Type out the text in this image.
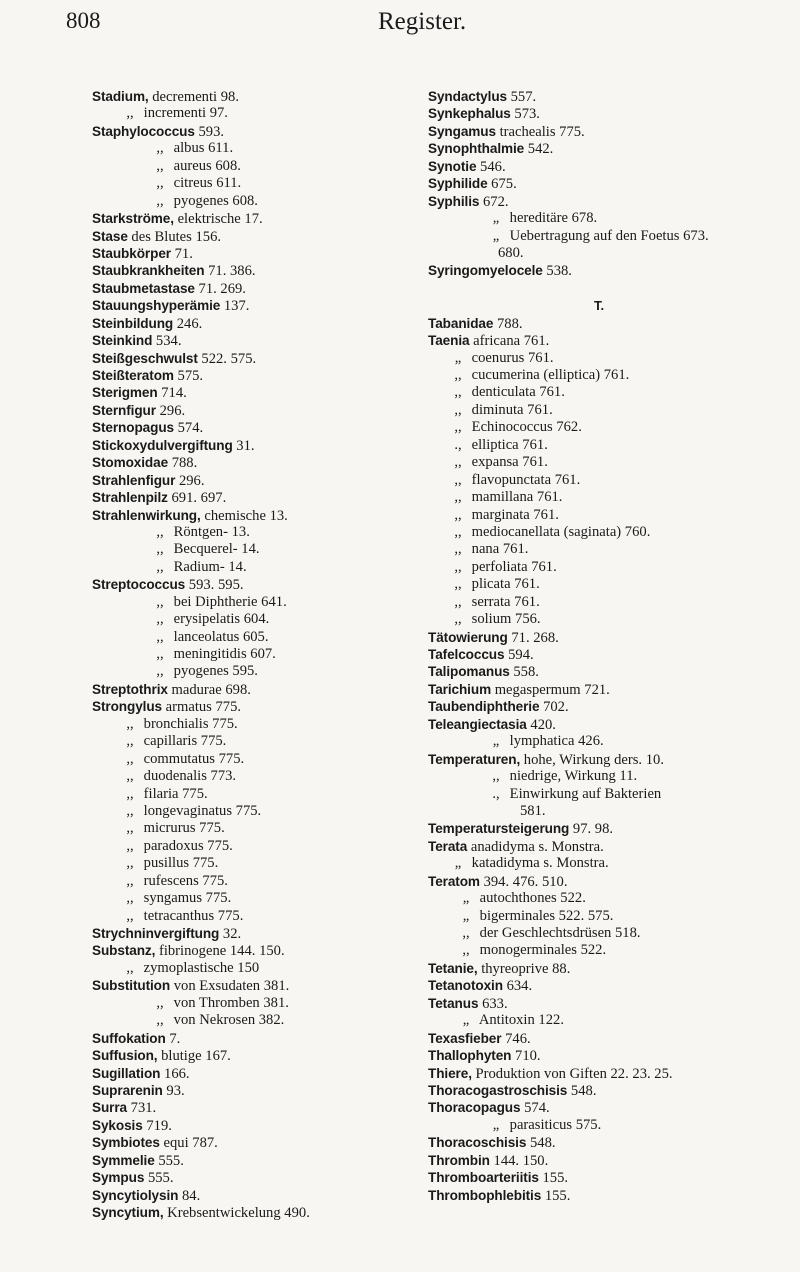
808	Register.
Stadium, decrementi 98.
,, incrementi 97.
Staphylococcus 593.
,, albus 611.
,, aureus 608.
,, citreus 611.
,, pyogenes 608.
Starkströme, elektrische 17.
Stase des Blutes 156.
Staubkörper 71.
Staubkrankheiten 71. 386.
Staubmetastase 71. 269.
Stauungshyperämie 137.
Steinbildung 246.
Steinkind 534.
Steißgeschwulst 522. 575.
Steißteratom 575.
Sterigmen 714.
Sternfigur 296.
Sternopagus 574.
Stickoxydulvergiftung 31.
Stomoxidae 788.
Strahlenfigur 296.
Strahlenpilz 691. 697.
Strahlenwirkung, chemische 13.
,, Röntgen- 13.
,, Becquerel- 14.
,, Radium- 14.
Streptococcus 593. 595.
,, bei Diphtherie 641.
,, erysipelatis 604.
,, lanceolatus 605.
,, meningitidis 607.
,, pyogenes 595.
Streptothrix madurae 698.
Strongylus armatus 775.
,, bronchialis 775.
,, capillaris 775.
,, commutatus 775.
,, duodenalis 773.
,, filaria 775.
,, longevaginatus 775.
,, micrurus 775.
,, paradoxus 775.
,, pusillus 775.
,, rufescens 775.
,, syngamus 775.
,, tetracanthus 775.
Strychninvergiftung 32.
Substanz, fibrinogene 144. 150.
,, zymoplastische 150
Substitution von Exsudaten 381.
,, von Thromben 381.
,, von Nekrosen 382.
Suffokation 7.
Suffusion, blutige 167.
Sugillation 166.
Suprarenin 93.
Surra 731.
Sykosis 719.
Symbiotes equi 787.
Symmelie 555.
Sympus 555.
Syncytiolysin 84.
Syncytium, Krebsentwickelung 490.
Syndactylus 557.
Synkephalus 573.
Syngamus trachealis 775.
Synophthalmie 542.
Synotie 546.
Syphilide 675.
Syphilis 672.
„ hereditäre 678.
„ Uebertragung auf den Foetus 673.
680.
Syringomyelocele 538.
T.
Tabanidae 788.
Taenia africana 761.
„ coenurus 761.
,, cucumerina (elliptica) 761.
,, denticulata 761.
,, diminuta 761.
,, Echinococcus 762.
., elliptica 761.
,, expansa 761.
,, flavopunctata 761.
,, mamillana 761.
,, marginata 761.
,, mediocanellata (saginata) 760.
,, nana 761.
,, perfoliata 761.
,, plicata 761.
,, serrata 761.
,, solium 756.
Tätowierung 71. 268.
Tafelcoccus 594.
Talipomanus 558.
Tarichium megaspermum 721.
Taubendiphtherie 702.
Teleangiectasia 420.
„ lymphatica 426.
Temperaturen, hohe, Wirkung ders. 10.
,, niedrige, Wirkung 11.
., Einwirkung auf Bakterien
581.
Temperatursteigerung 97. 98.
Terata anadidyma s. Monstra.
„ katadidyma s. Monstra.
Teratom 394. 476. 510.
„ autochthones 522.
„ bigerminales 522. 575.
,, der Geschlechtsdrüsen 518.
,, monogerminales 522.
Tetanie, thyreoprive 88.
Tetanotoxin 634.
Tetanus 633.
„ Antitoxin 122.
Texasfieber 746.
Thallophyten 710.
Thiere, Produktion von Giften 22. 23. 25.
Thoracogastroschisis 548.
Thoracopagus 574.
„ parasiticus 575.
Thoracoschisis 548.
Thrombin 144. 150.
Thromboarteriitis 155.
Thrombophlebitis 155.
